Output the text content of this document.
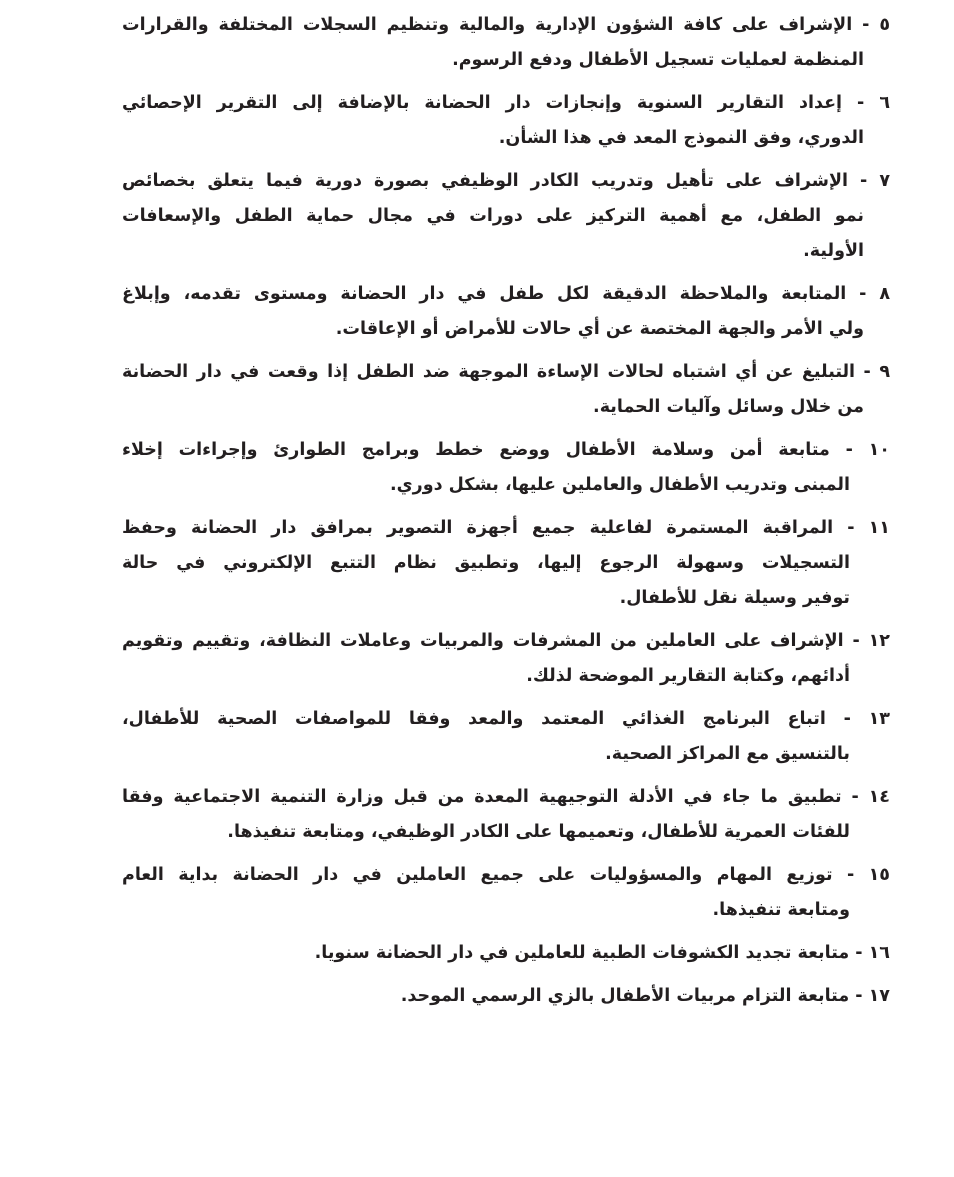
٥ - الإشراف على كافة الشؤون الإدارية والمالية وتنظيم السجلات المختلفة والقرارات
المنظمة لعمليات تسجيل الأطفال ودفع الرسوم.
٦ - إعداد التقارير السنوية وإنجازات دار الحضانة بالإضافة إلى التقرير الإحصائي
الدوري، وفق النموذج المعد في هذا الشأن.
٧ - الإشراف على تأهيل وتدريب الكادر الوظيفي بصورة دورية فيما يتعلق بخصائص
نمو الطفل، مع أهمية التركيز على دورات في مجال حماية الطفل والإسعافات
الأولية.
٨ - المتابعة والملاحظة الدقيقة لكل طفل في دار الحضانة ومستوى تقدمه، وإبلاغ
ولي الأمر والجهة المختصة عن أي حالات للأمراض أو الإعاقات.
٩ - التبليغ عن أي اشتباه لحالات الإساءة الموجهة ضد الطفل إذا وقعت في دار الحضانة
من خلال وسائل وآليات الحماية.
١٠ - متابعة أمن وسلامة الأطفال ووضع خطط وبرامج الطوارئ وإجراءات إخلاء
المبنى وتدريب الأطفال والعاملين عليها، بشكل دوري.
١١ - المراقبة المستمرة لفاعلية جميع أجهزة التصوير بمرافق دار الحضانة وحفظ
التسجيلات وسهولة الرجوع إليها، وتطبيق نظام التتبع الإلكتروني في حالة
توفير وسيلة نقل للأطفال.
١٢ - الإشراف على العاملين من المشرفات والمربيات وعاملات النظافة، وتقييم وتقويم
أدائهم، وكتابة التقارير الموضحة لذلك.
١٣ - اتباع البرنامج الغذائي المعتمد والمعد وفقا للمواصفات الصحية للأطفال،
بالتنسيق مع المراكز الصحية.
١٤ - تطبيق ما جاء في الأدلة التوجيهية المعدة من قبل وزارة التنمية الاجتماعية وفقا
للفئات العمرية للأطفال، وتعميمها على الكادر الوظيفي، ومتابعة تنفيذها.
١٥ - توزيع المهام والمسؤوليات على جميع العاملين في دار الحضانة بداية العام
ومتابعة تنفيذها.
١٦ - متابعة تجديد الكشوفات الطبية للعاملين في دار الحضانة سنويا.
١٧ - متابعة التزام مربيات الأطفال بالزي الرسمي الموحد.
